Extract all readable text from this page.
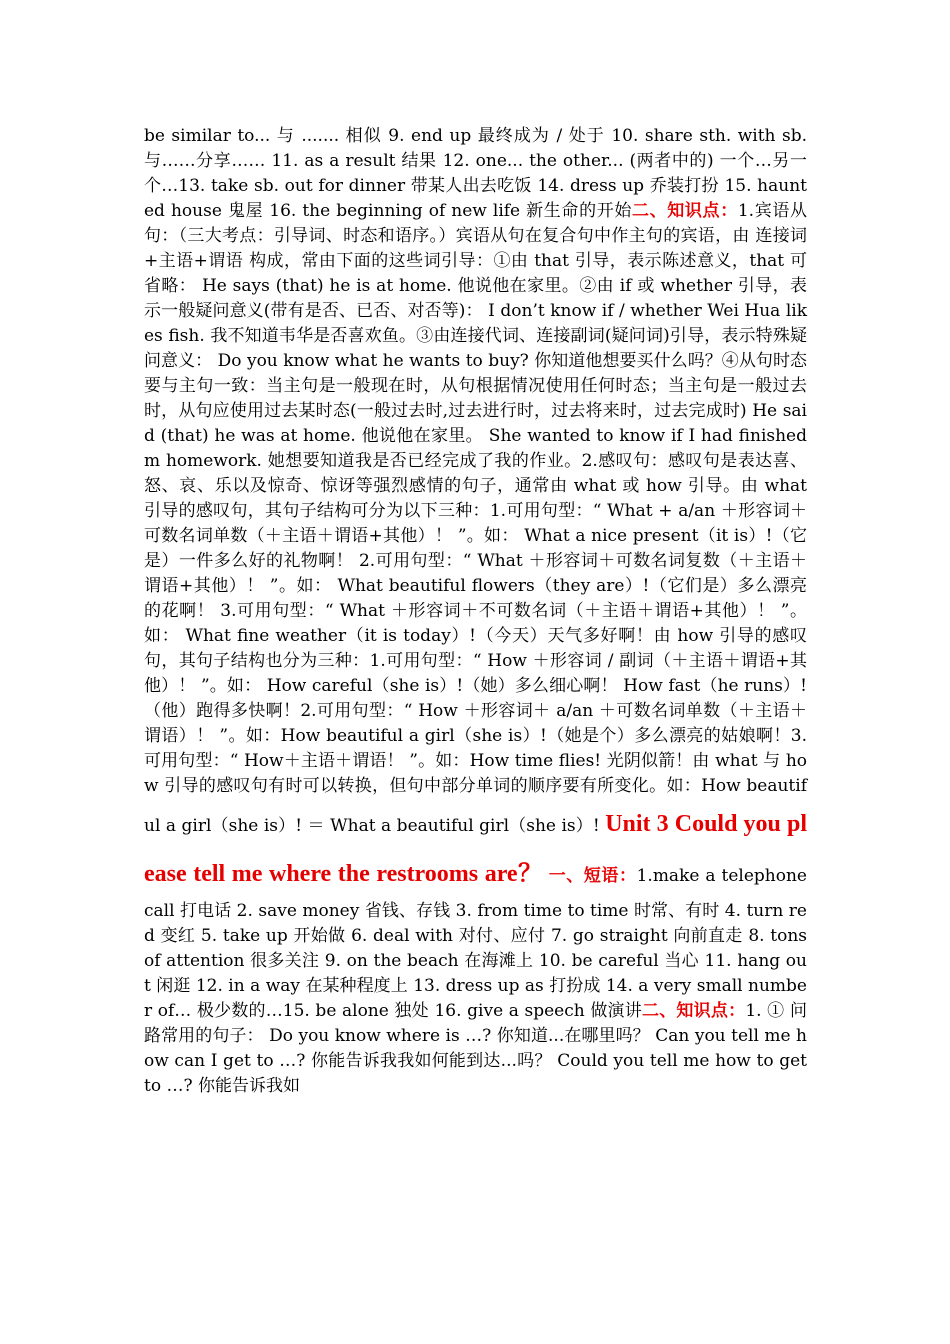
be similar to... 与 ....... 相似 9. end up 最终成为 / 处于 10. share sth. with sb. 与……分享…… 11. as a result 结果 12. one... the other... (两者中的) 一个…另一个…13. take sb. out for dinner 带某人出去吃饭 14. dress up 乔装打扮 15. haunted house 鬼屋 16. the beginning of new life 新生命的开始二、知识点：1.宾语从句：（三大考点：引导词、时态和语序。）宾语从句在复合句中作主句的宾语，由 连接词+主语+谓语 构成，常由下面的这些词引导：①由 that 引导，表示陈述意义，that 可省略： He says (that) he is at home. 他说他在家里。②由 if 或 whether 引导，表示一般疑问意义(带有是否、已否、对否等)： I don’t know if / whether Wei Hua likes fish. 我不知道韦华是否喜欢鱼。③由连接代词、连接副词(疑问词)引导，表示特殊疑问意义： Do you know what he wants to buy? 你知道他想要买什么吗？④从句时态要与主句一致：当主句是一般现在时，从句根据情况使用任何时态；当主句是一般过去时，从句应使用过去某时态(一般过去时,过去进行时，过去将来时，过去完成时) He said (that) he was at home. 他说他在家里。 She wanted to know if I had finished m homework. 她想要知道我是否已经完成了我的作业。2.感叹句：感叹句是表达喜、怒、哀、乐以及惊奇、惊讶等强烈感情的句子，通常由 what 或 how 引导。由 what 引导的感叹句，其句子结构可分为以下三种：1.可用句型：“ What + a/an ＋形容词＋可数名词单数（＋主语＋谓语+其他）！ ”。如： What a nice present（it is）!（它是）一件多么好的礼物啊！ 2.可用句型：“ What ＋形容词＋可数名词复数（＋主语＋谓语+其他）！ ”。如： What beautiful flowers（they are）!（它们是）多么漂亮的花啊！ 3.可用句型：“ What ＋形容词＋不可数名词（＋主语＋谓语+其他）！ ”。如： What fine weather（it is today）!（今天）天气多好啊！由 how 引导的感叹句，其句子结构也分为三种：1.可用句型：“ How ＋形容词 / 副词（＋主语＋谓语+其他）！ ”。如： How careful（she is）!（她）多么细心啊！ How fast（he runs）!（他）跑得多快啊！2.可用句型：“ How ＋形容词＋ a/an ＋可数名词单数（＋主语＋谓语）！ ”。如：How beautiful a girl（she is）!（她是个）多么漂亮的姑娘啊！3.可用句型：“ How＋主语＋谓语！ ”。如：How time flies! 光阴似箭！由 what 与 how 引导的感叹句有时可以转换，但句中部分单词的顺序要有所变化。如：How beautiful a girl（she is）! ＝ What a beautiful girl（she is）! Unit 3 Could you please tell me where the restrooms are？ 一、短语：1.make a telephone call 打电话 2. save money 省钱、存钱 3. from time to time 时常、有时 4. turn red 变红 5. take up 开始做 6. deal with 对付、应付 7. go straight 向前直走 8. tons of attention 很多关注 9. on the beach 在海滩上 10. be careful 当心 11. hang out 闲逛 12. in a way 在某种程度上 13. dress up as 打扮成 14. a very small number of… 极少数的…15. be alone 独处 16. give a speech 做演讲二、知识点：1. ① 问路常用的句子： Do you know where is …? 你知道...在哪里吗？ Can you tell me how can I get to …? 你能告诉我我如何能到达...吗？ Could you tell me how to get to …? 你能告诉我如
